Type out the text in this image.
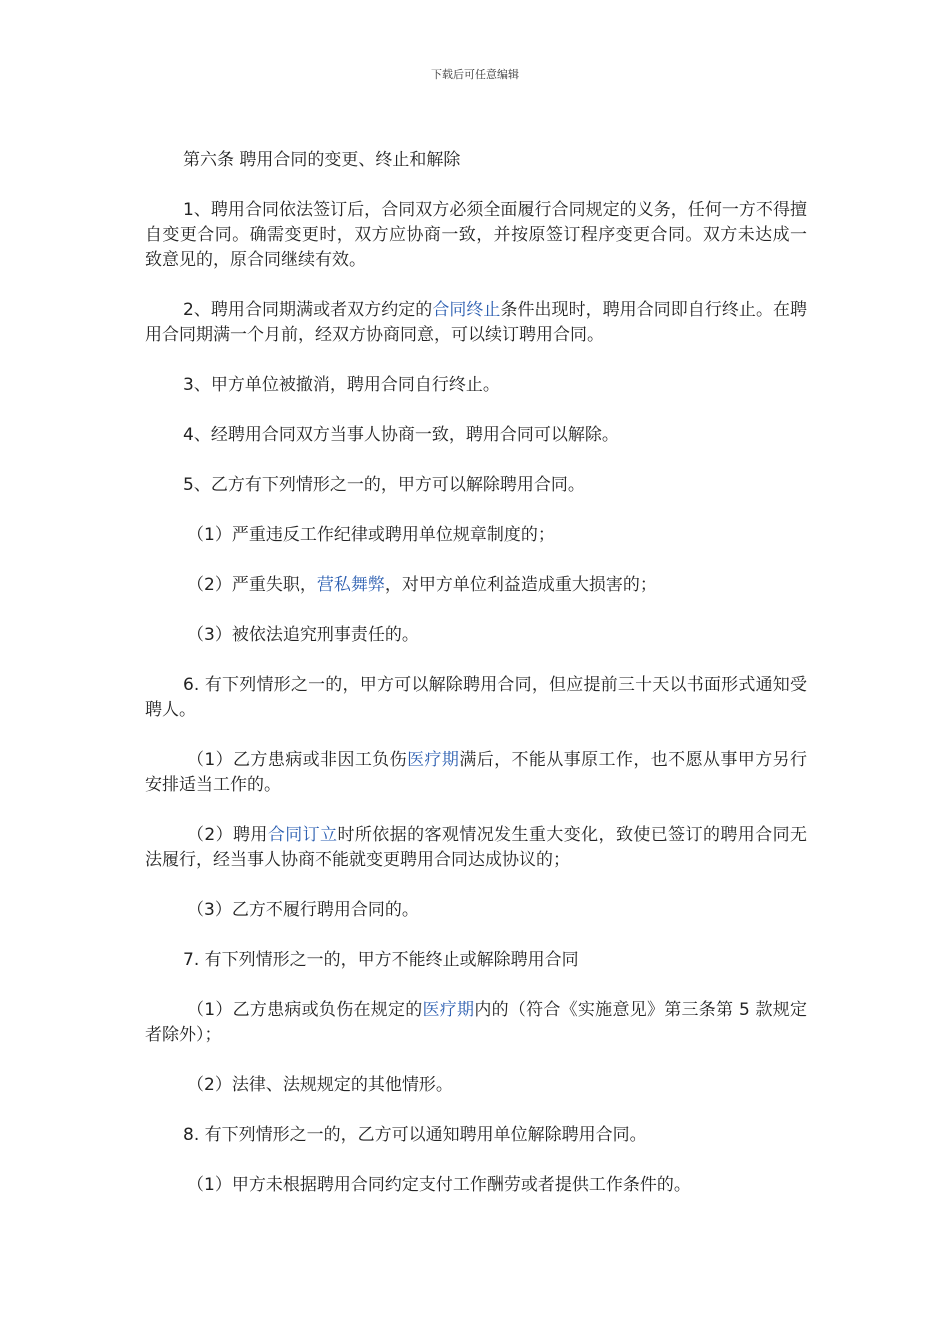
下载后可任意编辑

第六条 聘用合同的变更、终止和解除

1、聘用合同依法签订后，合同双方必须全面履行合同规定的义务，任何一方不得擅自变更合同。确需变更时，双方应协商一致，并按原签订程序变更合同。双方未达成一致意见的，原合同继续有效。

2、聘用合同期满或者双方约定的合同终止条件出现时，聘用合同即自行终止。在聘用合同期满一个月前，经双方协商同意，可以续订聘用合同。

3、甲方单位被撤消，聘用合同自行终止。

4、经聘用合同双方当事人协商一致，聘用合同可以解除。

5、乙方有下列情形之一的，甲方可以解除聘用合同。

（1）严重违反工作纪律或聘用单位规章制度的；

（2）严重失职，营私舞弊，对甲方单位利益造成重大损害的；

（3）被依法追究刑事责任的。

6. 有下列情形之一的，甲方可以解除聘用合同，但应提前三十天以书面形式通知受聘人。

（1）乙方患病或非因工负伤医疗期满后，不能从事原工作，也不愿从事甲方另行安排适当工作的。

（2）聘用合同订立时所依据的客观情况发生重大变化，致使已签订的聘用合同无法履行，经当事人协商不能就变更聘用合同达成协议的；

（3）乙方不履行聘用合同的。

7. 有下列情形之一的，甲方不能终止或解除聘用合同

（1）乙方患病或负伤在规定的医疗期内的（符合《实施意见》第三条第 5 款规定者除外）；

（2）法律、法规规定的其他情形。

8. 有下列情形之一的，乙方可以通知聘用单位解除聘用合同。

（1）甲方未根据聘用合同约定支付工作酬劳或者提供工作条件的。
